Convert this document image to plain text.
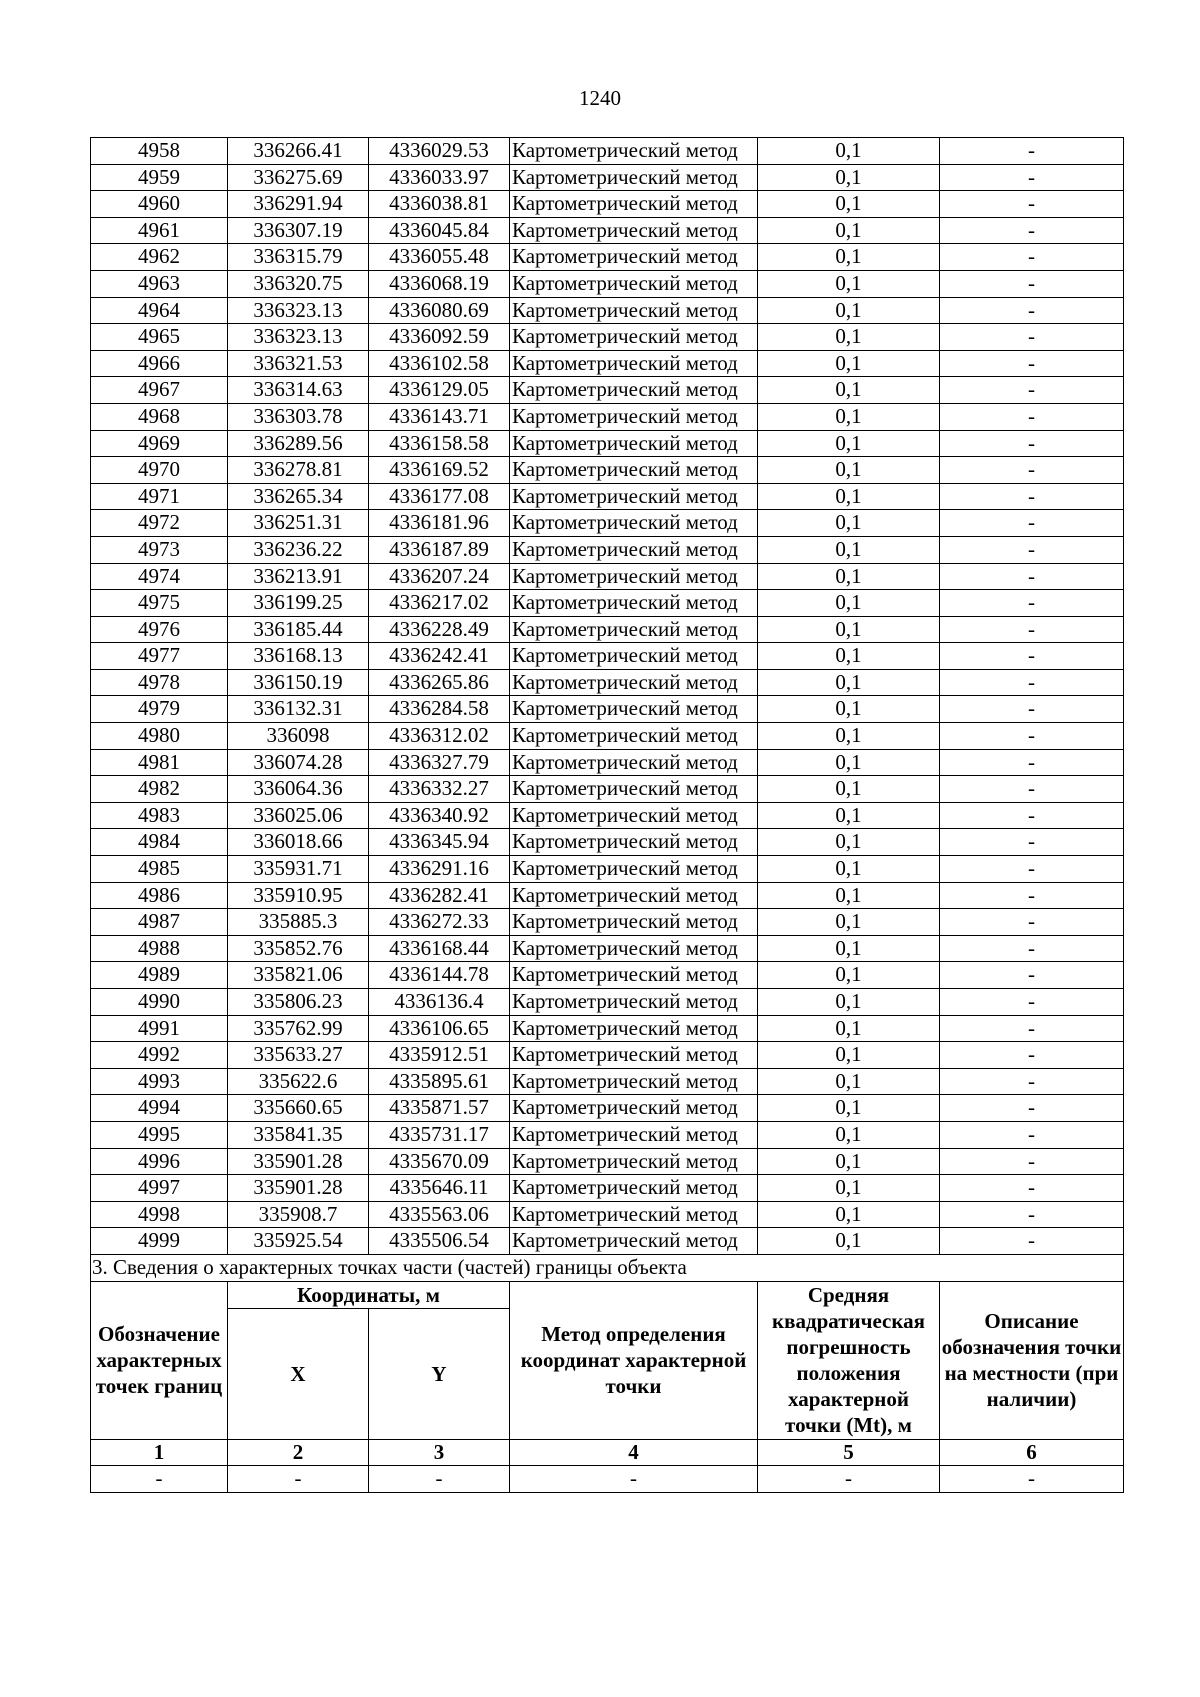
1240
4958	336266.41	4336029.53	Картометрический метод	0,1	-
4959	336275.69	4336033.97	Картометрический метод	0,1	-
4960	336291.94	4336038.81	Картометрический метод	0,1	-
4961	336307.19	4336045.84	Картометрический метод	0,1	-
4962	336315.79	4336055.48	Картометрический метод	0,1	-
4963	336320.75	4336068.19	Картометрический метод	0,1	-
4964	336323.13	4336080.69	Картометрический метод	0,1	-
4965	336323.13	4336092.59	Картометрический метод	0,1	-
4966	336321.53	4336102.58	Картометрический метод	0,1	-
4967	336314.63	4336129.05	Картометрический метод	0,1	-
4968	336303.78	4336143.71	Картометрический метод	0,1	-
4969	336289.56	4336158.58	Картометрический метод	0,1	-
4970	336278.81	4336169.52	Картометрический метод	0,1	-
4971	336265.34	4336177.08	Картометрический метод	0,1	-
4972	336251.31	4336181.96	Картометрический метод	0,1	-
4973	336236.22	4336187.89	Картометрический метод	0,1	-
4974	336213.91	4336207.24	Картометрический метод	0,1	-
4975	336199.25	4336217.02	Картометрический метод	0,1	-
4976	336185.44	4336228.49	Картометрический метод	0,1	-
4977	336168.13	4336242.41	Картометрический метод	0,1	-
4978	336150.19	4336265.86	Картометрический метод	0,1	-
4979	336132.31	4336284.58	Картометрический метод	0,1	-
4980	336098	4336312.02	Картометрический метод	0,1	-
4981	336074.28	4336327.79	Картометрический метод	0,1	-
4982	336064.36	4336332.27	Картометрический метод	0,1	-
4983	336025.06	4336340.92	Картометрический метод	0,1	-
4984	336018.66	4336345.94	Картометрический метод	0,1	-
4985	335931.71	4336291.16	Картометрический метод	0,1	-
4986	335910.95	4336282.41	Картометрический метод	0,1	-
4987	335885.3	4336272.33	Картометрический метод	0,1	-
4988	335852.76	4336168.44	Картометрический метод	0,1	-
4989	335821.06	4336144.78	Картометрический метод	0,1	-
4990	335806.23	4336136.4	Картометрический метод	0,1	-
4991	335762.99	4336106.65	Картометрический метод	0,1	-
4992	335633.27	4335912.51	Картометрический метод	0,1	-
4993	335622.6	4335895.61	Картометрический метод	0,1	-
4994	335660.65	4335871.57	Картометрический метод	0,1	-
4995	335841.35	4335731.17	Картометрический метод	0,1	-
4996	335901.28	4335670.09	Картометрический метод	0,1	-
4997	335901.28	4335646.11	Картометрический метод	0,1	-
4998	335908.7	4335563.06	Картометрический метод	0,1	-
4999	335925.54	4335506.54	Картометрический метод	0,1	-
3. Сведения о характерных точках части (частей) границы объекта					
Обозначение характерных точек границ	Координаты, м		Метод определения координат характерной точки	Средняя квадратическая погрешность положения характерной точки (Mt), м	Описание обозначения точки на местности (при наличии)
	X	Y			
1	2	3	4	5	6
-	-	-	-	-	-
